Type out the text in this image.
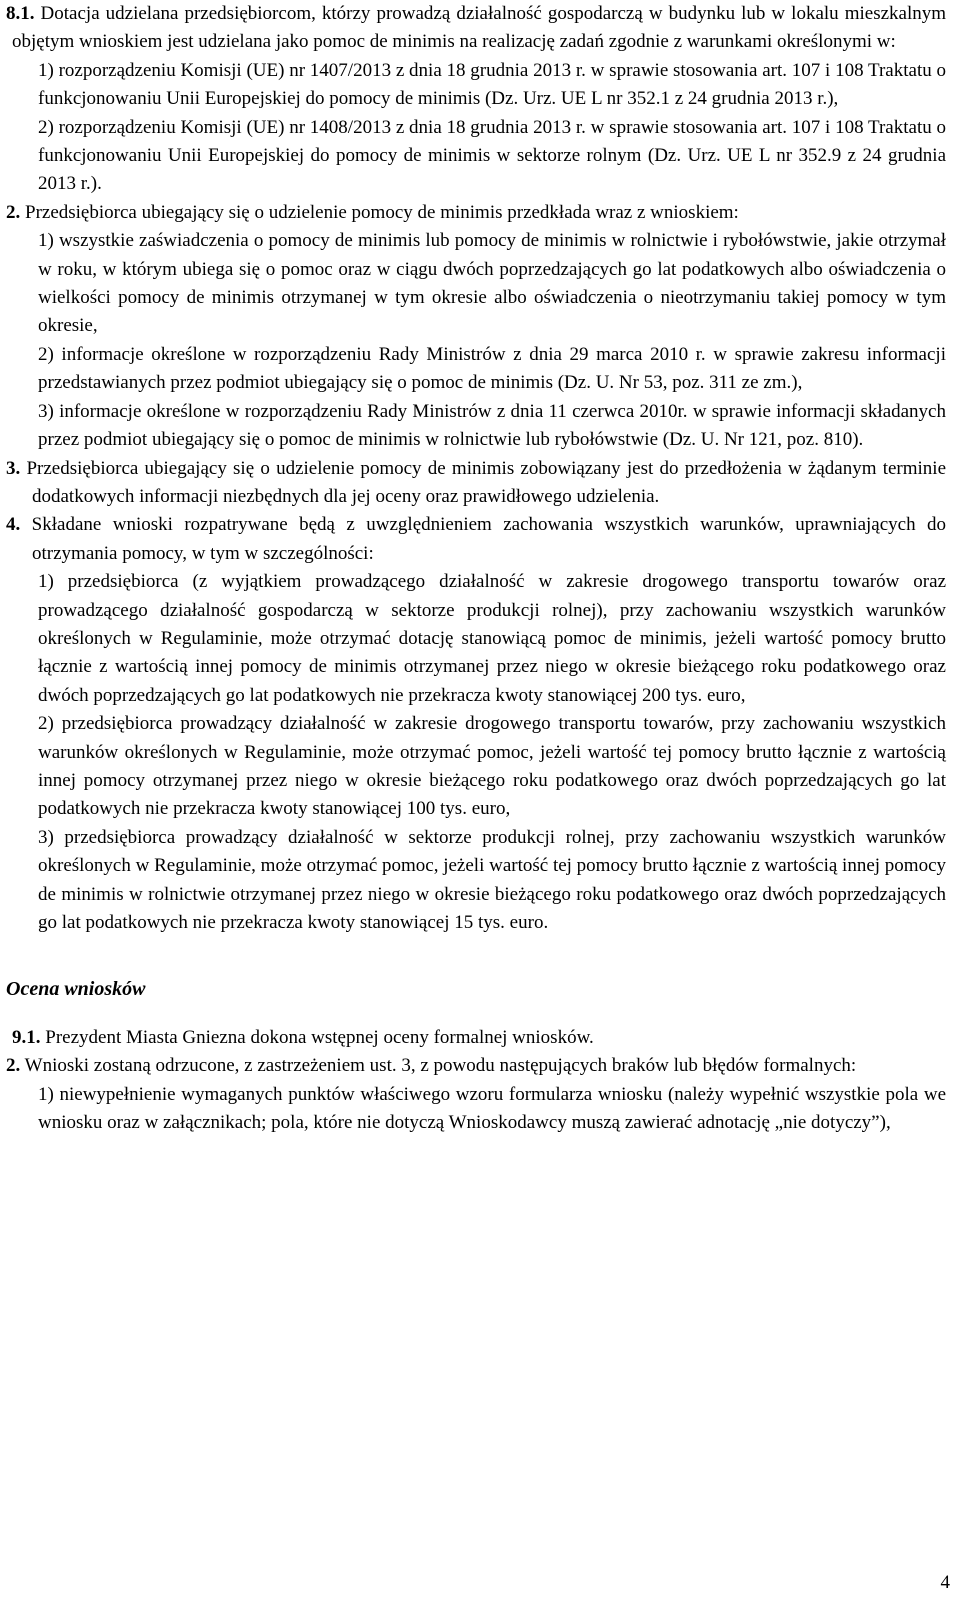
8.1. Dotacja udzielana przedsiębiorcom, którzy prowadzą działalność gospodarczą w budynku lub w lokalu mieszkalnym objętym wnioskiem jest udzielana jako pomoc de minimis na realizację zadań zgodnie z warunkami określonymi w:

1) rozporządzeniu Komisji (UE) nr 1407/2013 z dnia 18 grudnia 2013 r. w sprawie stosowania art. 107 i 108 Traktatu o funkcjonowaniu Unii Europejskiej do pomocy de minimis (Dz. Urz. UE L nr 352.1 z 24 grudnia 2013 r.),

2) rozporządzeniu Komisji (UE) nr 1408/2013 z dnia 18 grudnia 2013 r. w sprawie stosowania art. 107 i 108 Traktatu o funkcjonowaniu Unii Europejskiej do pomocy de minimis w sektorze rolnym (Dz. Urz. UE L nr 352.9 z 24 grudnia 2013 r.).

2. Przedsiębiorca ubiegający się o udzielenie pomocy de minimis przedkłada wraz z wnioskiem:

1) wszystkie zaświadczenia o pomocy de minimis lub pomocy de minimis w rolnictwie i rybołówstwie, jakie otrzymał w roku, w którym ubiega się o pomoc oraz w ciągu dwóch poprzedzających go lat podatkowych albo oświadczenia o wielkości pomocy de minimis otrzymanej w tym okresie albo oświadczenia o nieotrzymaniu takiej pomocy w tym okresie,

2) informacje określone w rozporządzeniu Rady Ministrów z dnia 29 marca 2010 r. w sprawie zakresu informacji przedstawianych przez podmiot ubiegający się o pomoc de minimis (Dz. U. Nr 53, poz. 311 ze zm.),

3) informacje określone w rozporządzeniu Rady Ministrów z dnia 11 czerwca 2010r. w sprawie informacji składanych przez podmiot ubiegający się o pomoc de minimis w rolnictwie lub rybołówstwie (Dz. U. Nr 121, poz. 810).

3. Przedsiębiorca ubiegający się o udzielenie pomocy de minimis zobowiązany jest do przedłożenia w żądanym terminie dodatkowych informacji niezbędnych dla jej oceny oraz prawidłowego udzielenia.

4. Składane wnioski rozpatrywane będą z uwzględnieniem zachowania wszystkich warunków, uprawniających do otrzymania pomocy, w tym w szczególności:

1) przedsiębiorca (z wyjątkiem prowadzącego działalność w zakresie drogowego transportu towarów oraz prowadzącego działalność gospodarczą w sektorze produkcji rolnej), przy zachowaniu wszystkich warunków określonych w Regulaminie, może otrzymać dotację stanowiącą pomoc de minimis, jeżeli wartość pomocy brutto łącznie z wartością innej pomocy de minimis otrzymanej przez niego w okresie bieżącego roku podatkowego oraz dwóch poprzedzających go lat podatkowych nie przekracza kwoty stanowiącej 200 tys. euro,

2) przedsiębiorca prowadzący działalność w zakresie drogowego transportu towarów, przy zachowaniu wszystkich warunków określonych w Regulaminie, może otrzymać pomoc, jeżeli wartość tej pomocy brutto łącznie z wartością innej pomocy otrzymanej przez niego w okresie bieżącego roku podatkowego oraz dwóch poprzedzających go lat podatkowych nie przekracza kwoty stanowiącej 100 tys. euro,

3) przedsiębiorca prowadzący działalność w sektorze produkcji rolnej, przy zachowaniu wszystkich warunków określonych w Regulaminie, może otrzymać pomoc, jeżeli wartość tej pomocy brutto łącznie z wartością innej pomocy de minimis w rolnictwie otrzymanej przez niego w okresie bieżącego roku podatkowego oraz dwóch poprzedzających go lat podatkowych nie przekracza kwoty stanowiącej 15 tys. euro.

Ocena wniosków

9.1. Prezydent Miasta Gniezna dokona wstępnej oceny formalnej wniosków.

2. Wnioski zostaną odrzucone, z zastrzeżeniem ust. 3, z powodu następujących braków lub błędów formalnych:

1) niewypełnienie wymaganych punktów właściwego wzoru formularza wniosku (należy wypełnić wszystkie pola we wniosku oraz w załącznikach; pola, które nie dotyczą Wnioskodawcy muszą zawierać adnotację „nie dotyczy”),

4
